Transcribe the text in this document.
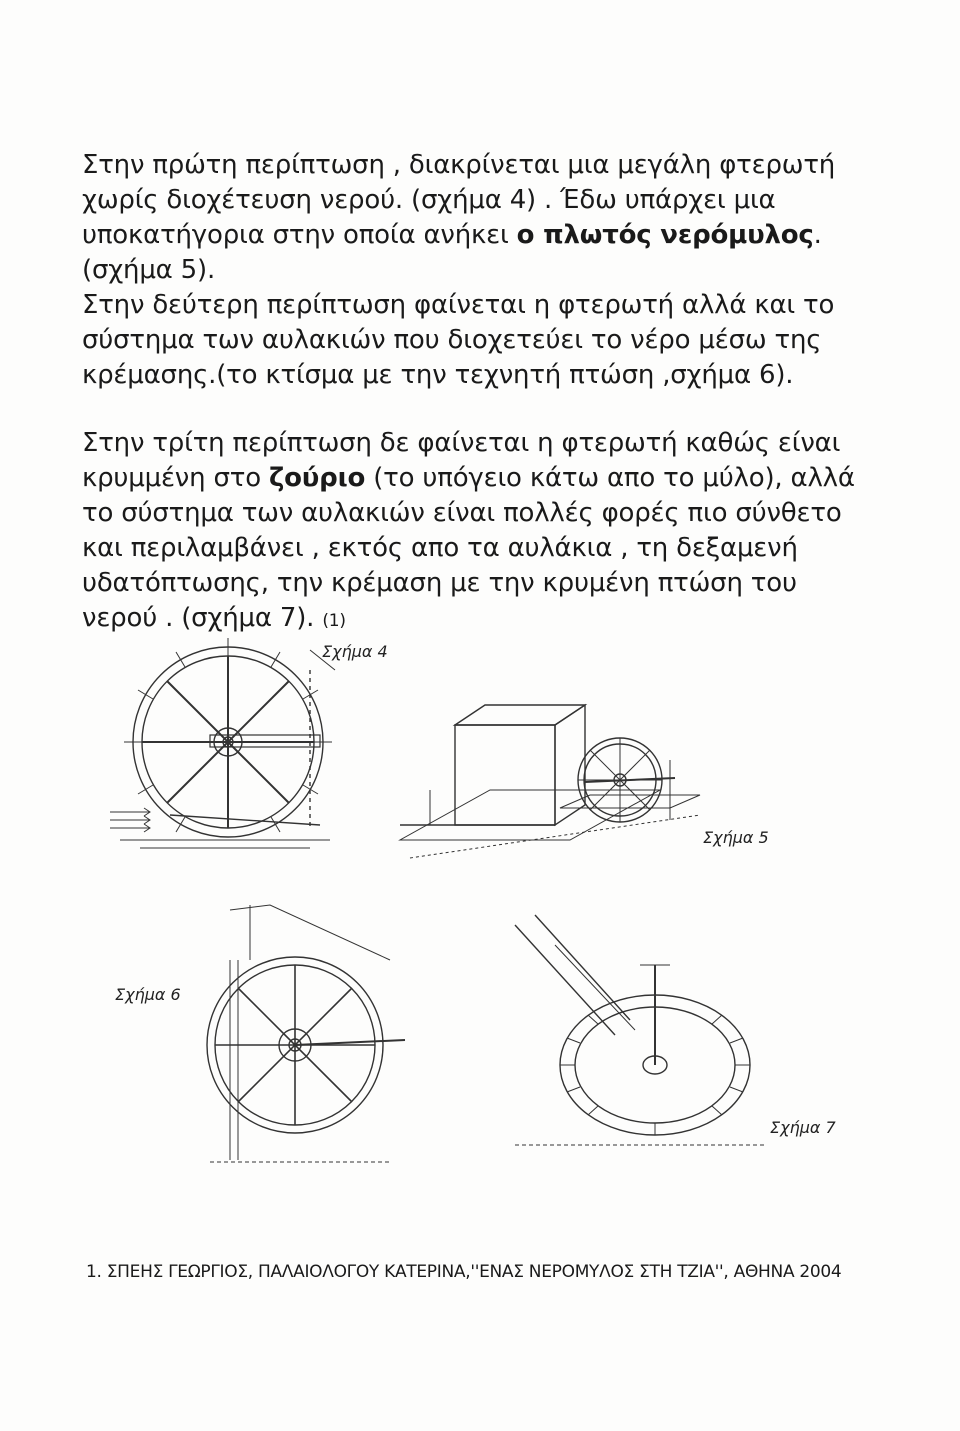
Στην πρώτη περίπτωση , διακρίνεται μια μεγάλη φτερωτή χωρίς διοχέτευση νερού. (σχήμα 4) . Έδω υπάρχει μια υποκατήγορια στην οποία ανήκει ο πλωτός νερόμυλος.(σχήμα 5).

Στην δεύτερη περίπτωση φαίνεται η φτερωτή αλλά και το σύστημα των αυλακιών που διοχετεύει το νέρο μέσω της κρέμασης.(το κτίσμα με την τεχνητή πτώση ,σχήμα 6).

Στην τρίτη περίπτωση δε φαίνεται η φτερωτή καθώς είναι κρυμμένη στο ζούριο (το υπόγειο κάτω απο το μύλο), αλλά το σύστημα των αυλακιών είναι πολλές φορές πιο σύνθετο και περιλαμβάνει , εκτός απο τα αυλάκια , τη δεξαμενή υδατόπτωσης, την κρέμαση με την κρυμένη πτώση του νερού . (σχήμα 7). (1)

Σχήμα 4
Σχήμα 5
Σχήμα 6
Σχήμα 7

1. ΣΠΕΗΣ ΓΕΩΡΓΙΟΣ, ΠΑΛΑΙΟΛΟΓΟΥ ΚΑΤΕΡΙΝΑ,''ΕΝΑΣ ΝΕΡΟΜΥΛΟΣ ΣΤΗ ΤΖΙΑ'', ΑΘΗΝΑ 2004
